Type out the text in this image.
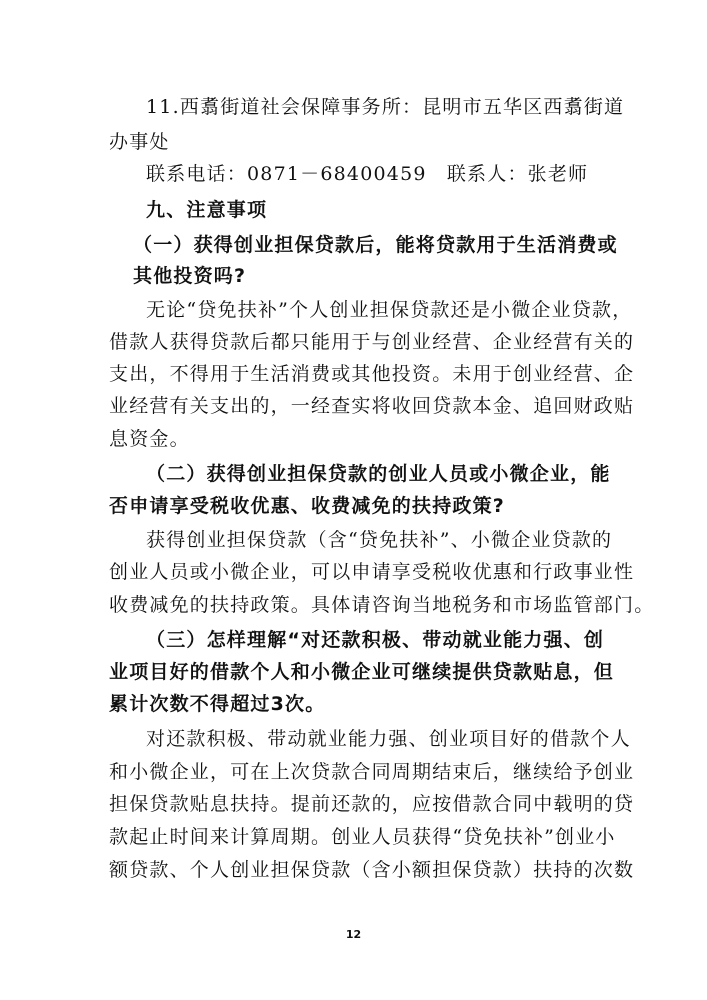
11.西翥街道社会保障事务所：昆明市五华区西翥街道
办事处
联系电话：0871－68400459　联系人：张老师
九、注意事项
（一）获得创业担保贷款后，能将贷款用于生活消费或
其他投资吗?
无论“贷免扶补”个人创业担保贷款还是小微企业贷款，
借款人获得贷款后都只能用于与创业经营、企业经营有关的
支出，不得用于生活消费或其他投资。未用于创业经营、企
业经营有关支出的，一经查实将收回贷款本金、追回财政贴
息资金。
（二）获得创业担保贷款的创业人员或小微企业，能
否申请享受税收优惠、收费减免的扶持政策?
获得创业担保贷款（含“贷免扶补”、小微企业贷款的
创业人员或小微企业，可以申请享受税收优惠和行政事业性
收费减免的扶持政策。具体请咨询当地税务和市场监管部门。
（三）怎样理解“对还款积极、带动就业能力强、创
业项目好的借款个人和小微企业可继续提供贷款贴息，但
累计次数不得超过3次。
对还款积极、带动就业能力强、创业项目好的借款个人
和小微企业，可在上次贷款合同周期结束后，继续给予创业
担保贷款贴息扶持。提前还款的，应按借款合同中载明的贷
款起止时间来计算周期。创业人员获得“贷免扶补”创业小
额贷款、个人创业担保贷款（含小额担保贷款）扶持的次数
12
